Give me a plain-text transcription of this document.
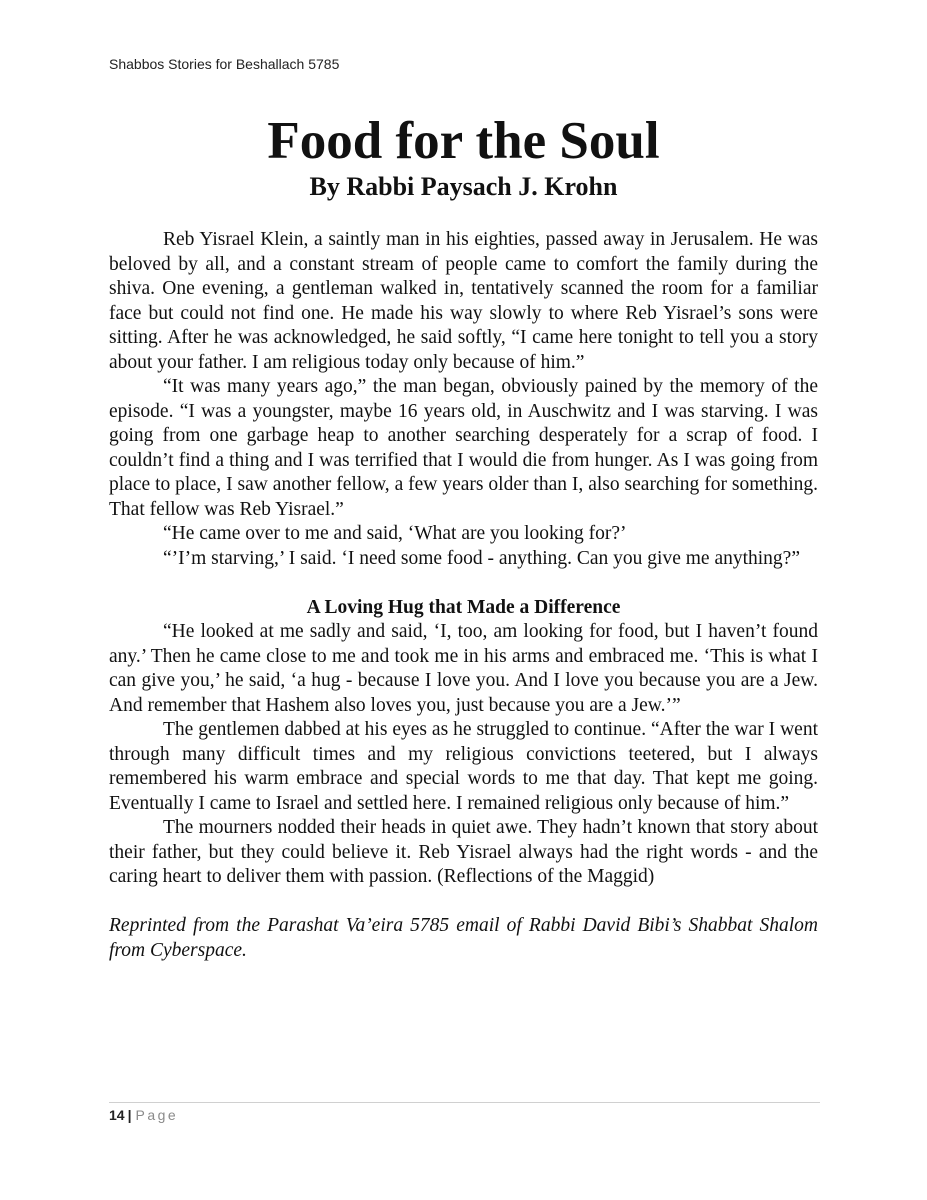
Shabbos Stories for Beshallach 5785
Food for the Soul
By Rabbi Paysach J. Krohn

Reb Yisrael Klein, a saintly man in his eighties, passed away in Jerusalem. He was beloved by all, and a constant stream of people came to comfort the family during the shiva. One evening, a gentleman walked in, tentatively scanned the room for a familiar face but could not find one. He made his way slowly to where Reb Yisrael’s sons were sitting. After he was acknowledged, he said softly, “I came here tonight to tell you a story about your father. I am religious today only because of him.”

“It was many years ago,” the man began, obviously pained by the memory of the episode. “I was a youngster, maybe 16 years old, in Auschwitz and I was starving. I was going from one garbage heap to another searching desperately for a scrap of food. I couldn’t find a thing and I was terrified that I would die from hunger. As I was going from place to place, I saw another fellow, a few years older than I, also searching for something. That fellow was Reb Yisrael.”

“He came over to me and said, ‘What are you looking for?’

“’I’m starving,’ I said. ‘I need some food - anything. Can you give me anything?”

A Loving Hug that Made a Difference

“He looked at me sadly and said, ‘I, too, am looking for food, but I haven’t found any.’ Then he came close to me and took me in his arms and embraced me. ‘This is what I can give you,’ he said, ‘a hug - because I love you. And I love you because you are a Jew. And remember that Hashem also loves you, just because you are a Jew.’”

The gentlemen dabbed at his eyes as he struggled to continue. “After the war I went through many difficult times and my religious convictions teetered, but I always remembered his warm embrace and special words to me that day. That kept me going. Eventually I came to Israel and settled here. I remained religious only because of him.”

The mourners nodded their heads in quiet awe. They hadn’t known that story about their father, but they could believe it. Reb Yisrael always had the right words - and the caring heart to deliver them with passion. (Reflections of the Maggid)

Reprinted from the Parashat Va’eira 5785 email of Rabbi David Bibi’s Shabbat Shalom from Cyberspace.

14 | Page
